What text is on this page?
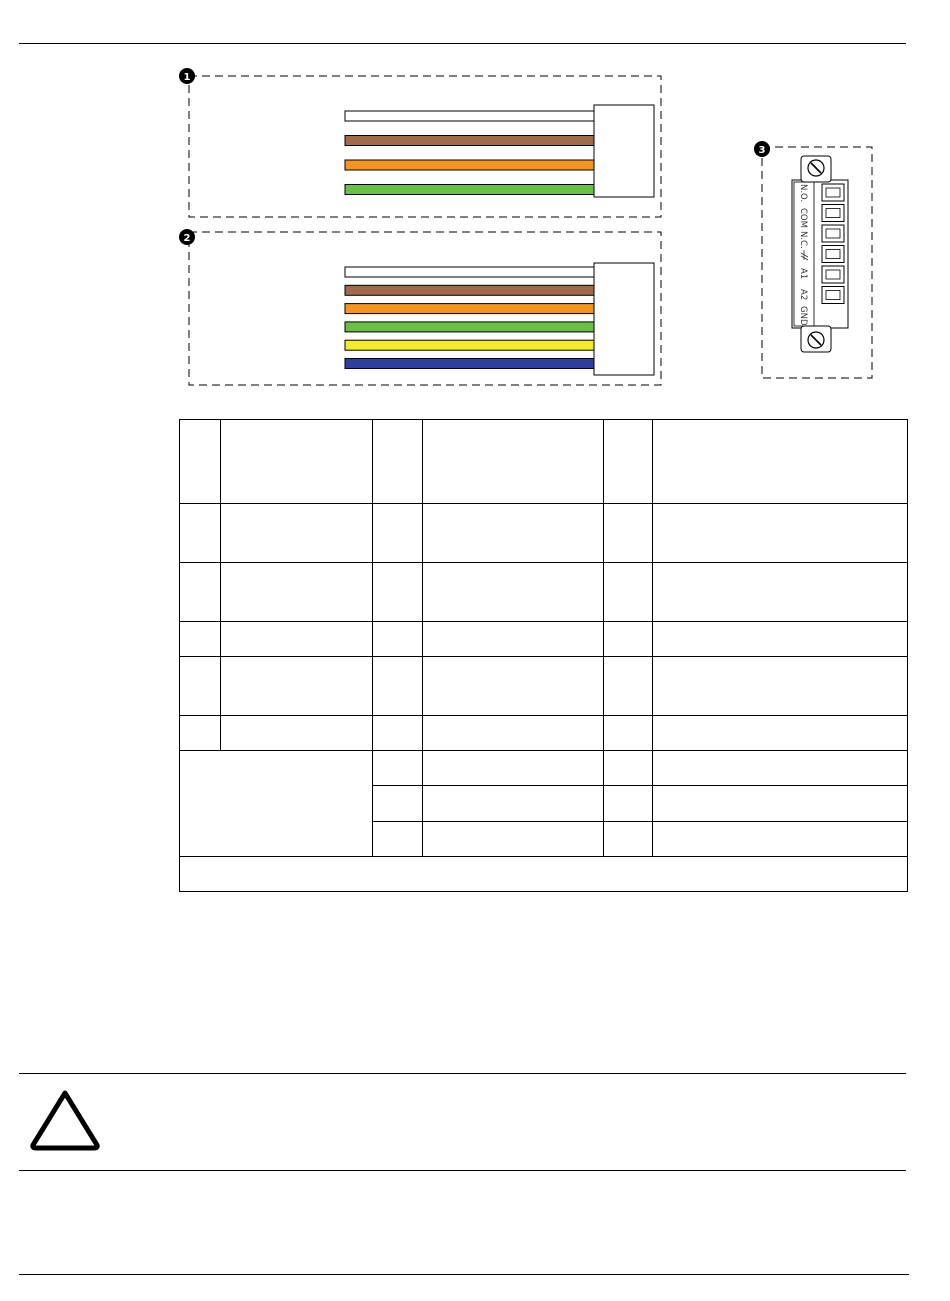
1
2
3
N.O.
COM
N.C.
A1
A2
GND
